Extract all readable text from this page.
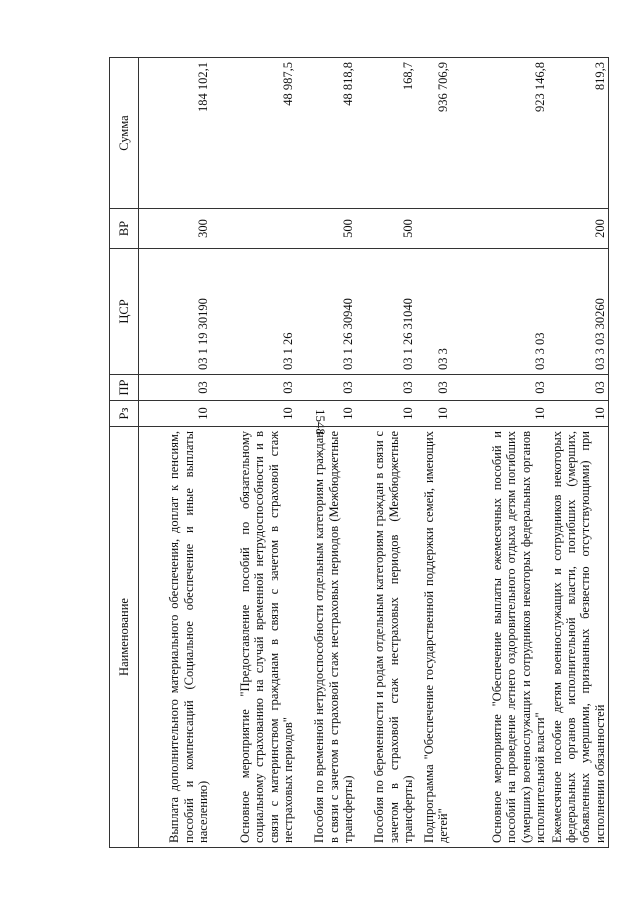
1548
Наименование	Рз	ПР	ЦСР	ВР	Сумма
Выплата дополнительного материального обеспечения, доплат к пенсиям, пособий и компенсаций (Социальное обеспечение и иные выплаты населению)	10	03	03 1 19 30190	300	184 102,1
Основное мероприятие "Предоставление пособий по обязательному социальному страхованию на случай временной нетрудоспособности и в связи с материнством гражданам в связи с зачетом в страховой стаж нестраховых периодов"	10	03	03 1 26		48 987,5
Пособия по временной нетрудоспособности отдельным категориям граждан в связи с зачетом в страховой стаж нестраховых периодов (Межбюджетные трансферты)	10	03	03 1 26 30940	500	48 818,8
Пособия по беременности и родам отдельным категориям граждан в связи с зачетом в страховой стаж нестраховых периодов (Межбюджетные трансферты)	10	03	03 1 26 31040	500	168,7
Подпрограмма "Обеспечение государственной поддержки семей, имеющих детей"	10	03	03 3		936 706,9
Основное мероприятие "Обеспечение выплаты ежемесячных пособий и пособий на проведение летнего оздоровительного отдыха детям погибших (умерших) военнослужащих и сотрудников некоторых федеральных органов исполнительной власти"	10	03	03 3 03		923 146,8
Ежемесячное пособие детям военнослужащих и сотрудников некоторых федеральных органов исполнительной власти, погибших (умерших, объявленных умершими, признанных безвестно отсутствующими) при исполнении обязанностей	10	03	03 3 03 30260	200	819,3
